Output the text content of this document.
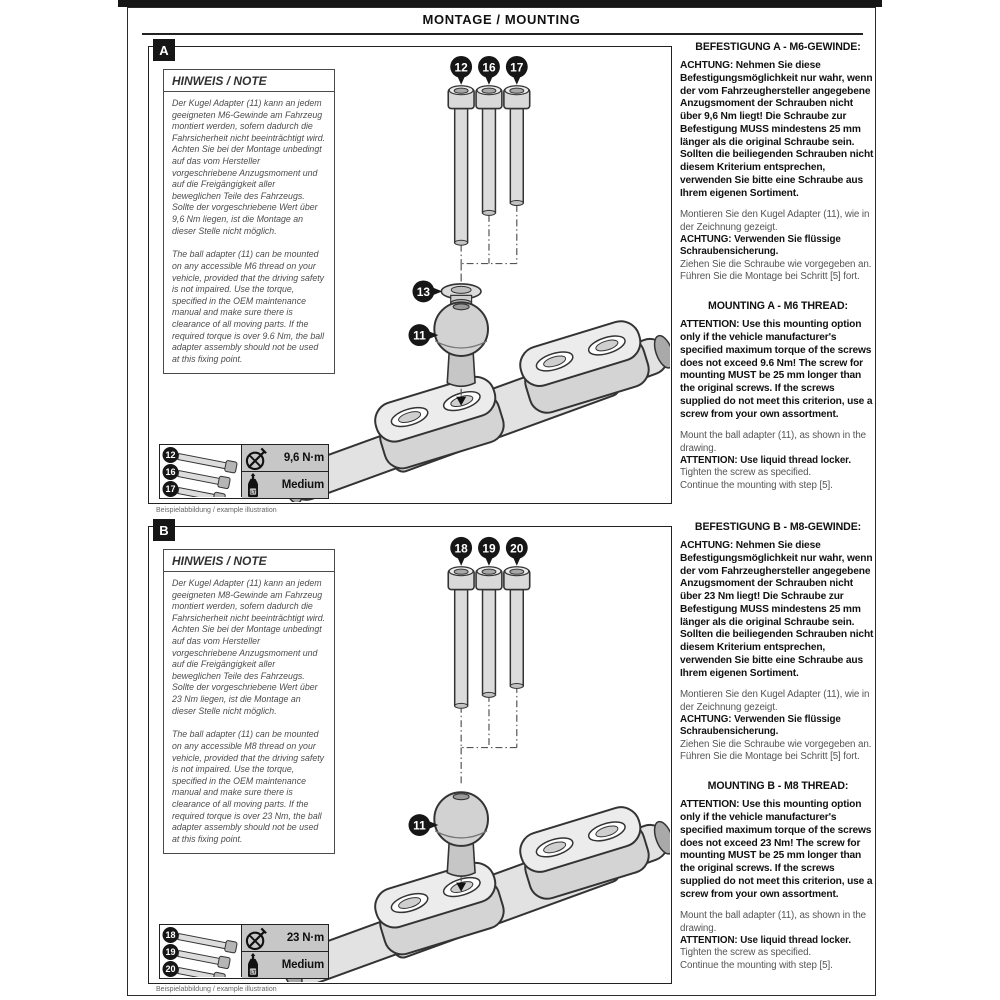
MONTAGE / MOUNTING
A
12 16 17
13
11
HINWEIS / NOTE

Der Kugel Adapter (11) kann an jedem geeigneten M6-Gewinde am Fahrzeug montiert werden, sofern dadurch die Fahrsicherheit nicht beeinträchtigt wird. Achten Sie bei der Montage unbedingt auf das vom Hersteller vorgeschriebene Anzugsmoment und auf die Freigängigkeit aller beweglichen Teile des Fahrzeugs. Sollte der vorgeschriebene Wert über 9,6 Nm liegen, ist die Montage an dieser Stelle nicht möglich.

The ball adapter (11) can be mounted on any accessible M6 thread on your vehicle, provided that the driving safety is not impaired. Use the torque, specified in the OEM maintenance manual and make sure there is clearance of all moving parts. If the required torque is over 9.6 Nm, the ball adapter assembly should not be used at this fixing point.

12
16
17
9,6 N·m
LT
Medium
Beispielabbildung / example illustration

BEFESTIGUNG A - M6-GEWINDE:

ACHTUNG: Nehmen Sie diese Befestigungsmöglichkeit nur wahr, wenn der vom Fahrzeughersteller angegebene Anzugsmoment der Schrauben nicht über 9,6 Nm liegt! Die Schraube zur Befestigung MUSS mindestens 25 mm länger als die original Schraube sein. Sollten die beiliegenden Schrauben nicht diesem Kriterium entsprechen, verwenden Sie bitte eine Schraube aus Ihrem eigenen Sortiment.

Montieren Sie den Kugel Adapter (11), wie in der Zeichnung gezeigt.
ACHTUNG: Verwenden Sie flüssige Schraubensicherung.
Ziehen Sie die Schraube wie vorgegeben an.
Führen Sie die Montage bei Schritt [5] fort.

MOUNTING A - M6 THREAD:

ATTENTION: Use this mounting option only if the vehicle manufacturer's specified maximum torque of the screws does not exceed 9.6 Nm! The screw for mounting MUST be 25 mm longer than the original screws. If the screws supplied do not meet this criterion, use a screw from your own assortment.

Mount the ball adapter (11), as shown in the drawing.
ATTENTION: Use liquid thread locker.
Tighten the screw as specified.
Continue the mounting with step [5].
B
18 19 20
11
HINWEIS / NOTE

Der Kugel Adapter (11) kann an jedem geeigneten M8-Gewinde am Fahrzeug montiert werden, sofern dadurch die Fahrsicherheit nicht beeinträchtigt wird. Achten Sie bei der Montage unbedingt auf das vom Hersteller vorgeschriebene Anzugsmoment und auf die Freigängigkeit aller beweglichen Teile des Fahrzeugs. Sollte der vorgeschriebene Wert über 23 Nm liegen, ist die Montage an dieser Stelle nicht möglich.

The ball adapter (11) can be mounted on any accessible M8 thread on your vehicle, provided that the driving safety is not impaired. Use the torque, specified in the OEM maintenance manual and make sure there is clearance of all moving parts. If the required torque is over 23 Nm, the ball adapter assembly should not be used at this fixing point.

18
19
20
23 N·m
LT
Medium
Beispielabbildung / example illustration

BEFESTIGUNG B - M8-GEWINDE:

ACHTUNG: Nehmen Sie diese Befestigungsmöglichkeit nur wahr, wenn der vom Fahrzeughersteller angegebene Anzugsmoment der Schrauben nicht über 23 Nm liegt! Die Schraube zur Befestigung MUSS mindestens 25 mm länger als die original Schraube sein. Sollten die beiliegenden Schrauben nicht diesem Kriterium entsprechen, verwenden Sie bitte eine Schraube aus Ihrem eigenen Sortiment.

Montieren Sie den Kugel Adapter (11), wie in der Zeichnung gezeigt.
ACHTUNG: Verwenden Sie flüssige Schraubensicherung.
Ziehen Sie die Schraube wie vorgegeben an.
Führen Sie die Montage bei Schritt [5] fort.

MOUNTING B - M8 THREAD:

ATTENTION: Use this mounting option only if the vehicle manufacturer's specified maximum torque of the screws does not exceed 23 Nm! The screw for mounting MUST be 25 mm longer than the original screws. If the screws supplied do not meet this criterion, use a screw from your own assortment.

Mount the ball adapter (11), as shown in the drawing.
ATTENTION: Use liquid thread locker.
Tighten the screw as specified.
Continue the mounting with step [5].
